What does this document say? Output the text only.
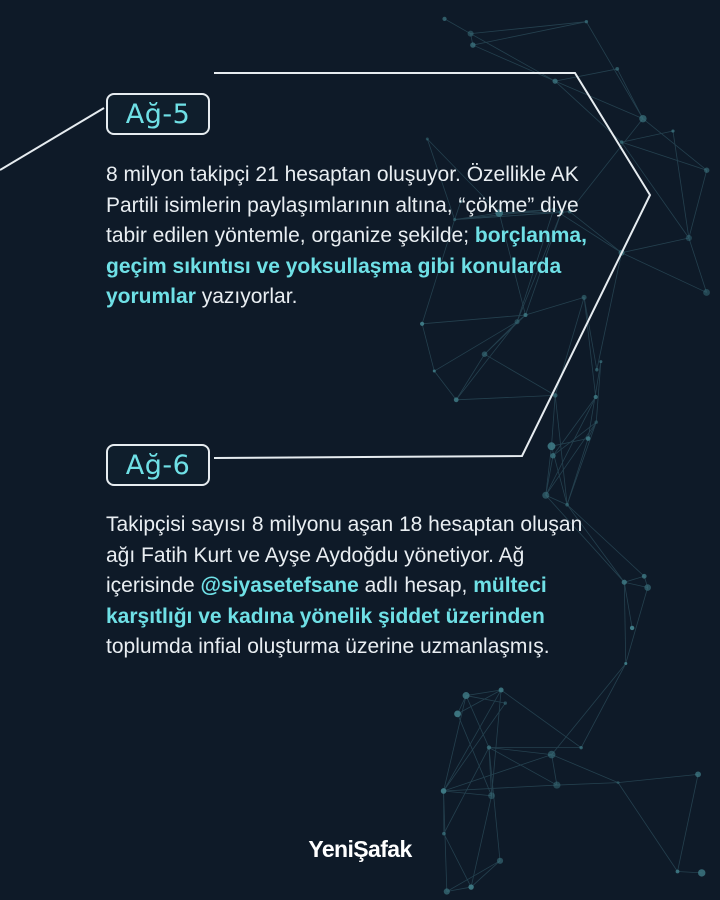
Ağ-5
8 milyon takipçi 21 hesaptan oluşuyor. Özellikle AK Partili isimlerin paylaşımlarının altına, “çökme” diye tabir edilen yöntemle, organize şekilde; borçlanma, geçim sıkıntısı ve yoksullaşma gibi konularda yorumlar yazıyorlar.
Ağ-6
Takipçisi sayısı 8 milyonu aşan 18 hesaptan oluşan ağı Fatih Kurt ve Ayşe Aydoğdu yönetiyor. Ağ içerisinde @siyasetefsane adlı hesap, mülteci karşıtlığı ve kadına yönelik şiddet üzerinden toplumda infial oluşturma üzerine uzmanlaşmış.
YeniŞafak
